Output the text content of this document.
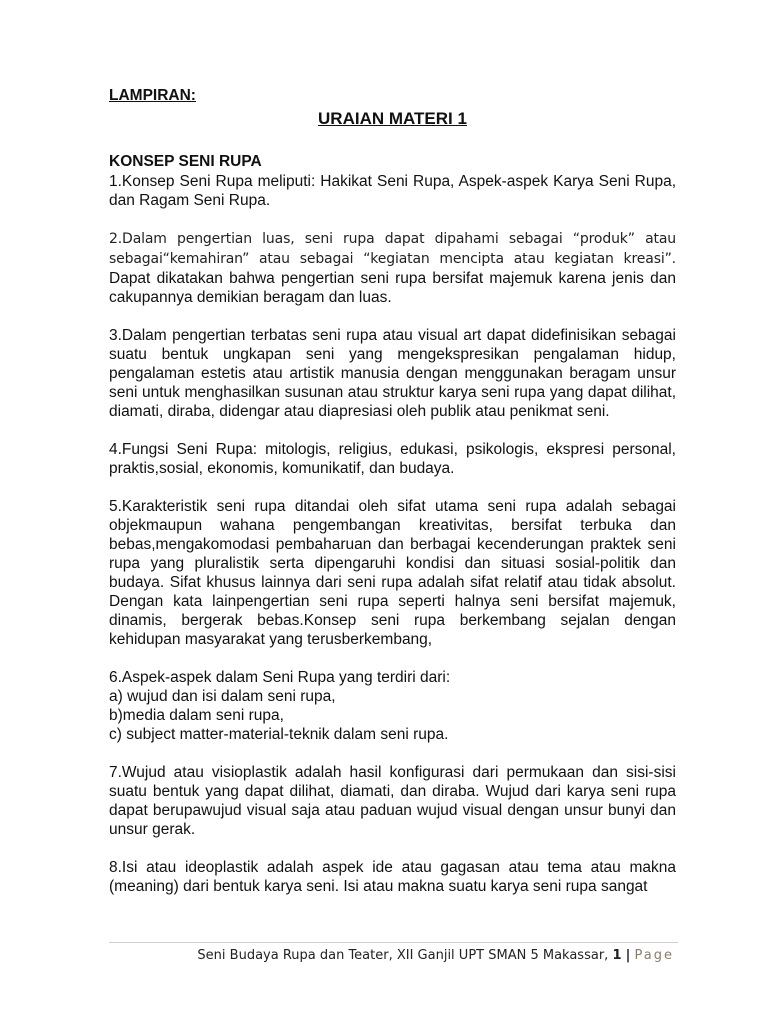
LAMPIRAN:
URAIAN MATERI 1
KONSEP SENI RUPA

1.Konsep Seni Rupa meliputi: Hakikat Seni Rupa, Aspek-aspek Karya Seni Rupa, dan Ragam Seni Rupa.

2.Dalam pengertian luas, seni rupa dapat dipahami sebagai “produk” atau sebagai“kemahiran” atau sebagai “kegiatan mencipta atau kegiatan kreasi”. Dapat dikatakan bahwa pengertian seni rupa bersifat majemuk karena jenis dan cakupannya demikian beragam dan luas.

3.Dalam pengertian terbatas seni rupa atau visual art dapat didefinisikan sebagai suatu bentuk ungkapan seni yang mengekspresikan pengalaman hidup, pengalaman estetis atau artistik manusia dengan menggunakan beragam unsur seni untuk menghasilkan susunan atau struktur karya seni rupa yang dapat dilihat, diamati, diraba, didengar atau diapresiasi oleh publik atau penikmat seni.

4.Fungsi Seni Rupa: mitologis, religius, edukasi, psikologis, ekspresi personal, praktis,sosial, ekonomis, komunikatif, dan budaya.

5.Karakteristik seni rupa ditandai oleh sifat utama seni rupa adalah sebagai objekmaupun wahana pengembangan kreativitas, bersifat terbuka dan bebas,mengakomodasi pembaharuan dan berbagai kecenderungan praktek seni rupa yang pluralistik serta dipengaruhi kondisi dan situasi sosial-politik dan budaya. Sifat khusus lainnya dari seni rupa adalah sifat relatif atau tidak absolut. Dengan kata lainpengertian seni rupa seperti halnya seni bersifat majemuk, dinamis, bergerak bebas.Konsep seni rupa berkembang sejalan dengan kehidupan masyarakat yang terusberkembang,

6.Aspek-aspek dalam Seni Rupa yang terdiri dari:

a) wujud dan isi dalam seni rupa,

b)media dalam seni rupa,

c) subject matter-material-teknik dalam seni rupa.

7.Wujud atau visioplastik adalah hasil konfigurasi dari permukaan dan sisi-sisi suatu bentuk yang dapat dilihat, diamati, dan diraba. Wujud dari karya seni rupa dapat berupawujud visual saja atau paduan wujud visual dengan unsur bunyi dan unsur gerak.

8.Isi atau ideoplastik adalah aspek ide atau gagasan atau tema atau makna (meaning) dari bentuk karya seni. Isi atau makna suatu karya seni rupa sangat

Seni Budaya Rupa dan Teater, XII Ganjil UPT SMAN 5 Makassar, 1 | Page
